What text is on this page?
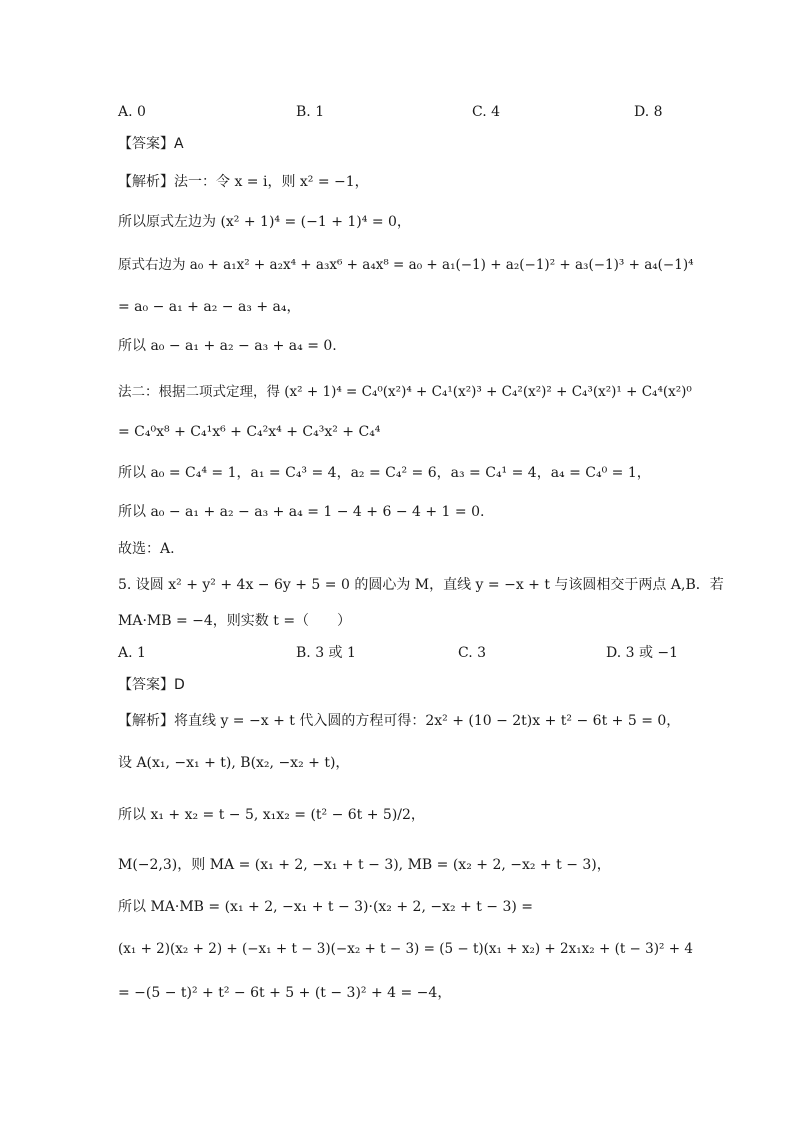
A. 0	B. 1	C. 4	D. 8
【答案】A
【解析】法一：令 x = i，则 x² = −1，
所以原式左边为 (x² + 1)⁴ = (−1 + 1)⁴ = 0，
原式右边为 a₀ + a₁x² + a₂x⁴ + a₃x⁶ + a₄x⁸ = a₀ + a₁(−1) + a₂(−1)² + a₃(−1)³ + a₄(−1)⁴
= a₀ − a₁ + a₂ − a₃ + a₄，
所以 a₀ − a₁ + a₂ − a₃ + a₄ = 0.
法二：根据二项式定理，得 (x² + 1)⁴ = C₄⁰(x²)⁴ + C₄¹(x²)³ + C₄²(x²)² + C₄³(x²)¹ + C₄⁴(x²)⁰
= C₄⁰x⁸ + C₄¹x⁶ + C₄²x⁴ + C₄³x² + C₄⁴
所以 a₀ = C₄⁴ = 1，a₁ = C₄³ = 4，a₂ = C₄² = 6，a₃ = C₄¹ = 4，a₄ = C₄⁰ = 1，
所以 a₀ − a₁ + a₂ − a₃ + a₄ = 1 − 4 + 6 − 4 + 1 = 0.
故选：A.
5. 设圆 x² + y² + 4x − 6y + 5 = 0 的圆心为 M，直线 y = −x + t 与该圆相交于两点 A,B．若
MA·MB = −4，则实数 t =（　　）
A. 1	B. 3 或 1	C. 3	D. 3 或 −1
【答案】D
【解析】将直线 y = −x + t 代入圆的方程可得：2x² + (10 − 2t)x + t² − 6t + 5 = 0，
设 A(x₁, −x₁ + t), B(x₂, −x₂ + t)，
所以 x₁ + x₂ = t − 5, x₁x₂ = (t² − 6t + 5)/2，
M(−2,3)，则 MA = (x₁ + 2, −x₁ + t − 3), MB = (x₂ + 2, −x₂ + t − 3)，
所以 MA·MB = (x₁ + 2, −x₁ + t − 3)·(x₂ + 2, −x₂ + t − 3) =
(x₁ + 2)(x₂ + 2) + (−x₁ + t − 3)(−x₂ + t − 3) = (5 − t)(x₁ + x₂) + 2x₁x₂ + (t − 3)² + 4
= −(5 − t)² + t² − 6t + 5 + (t − 3)² + 4 = −4，
